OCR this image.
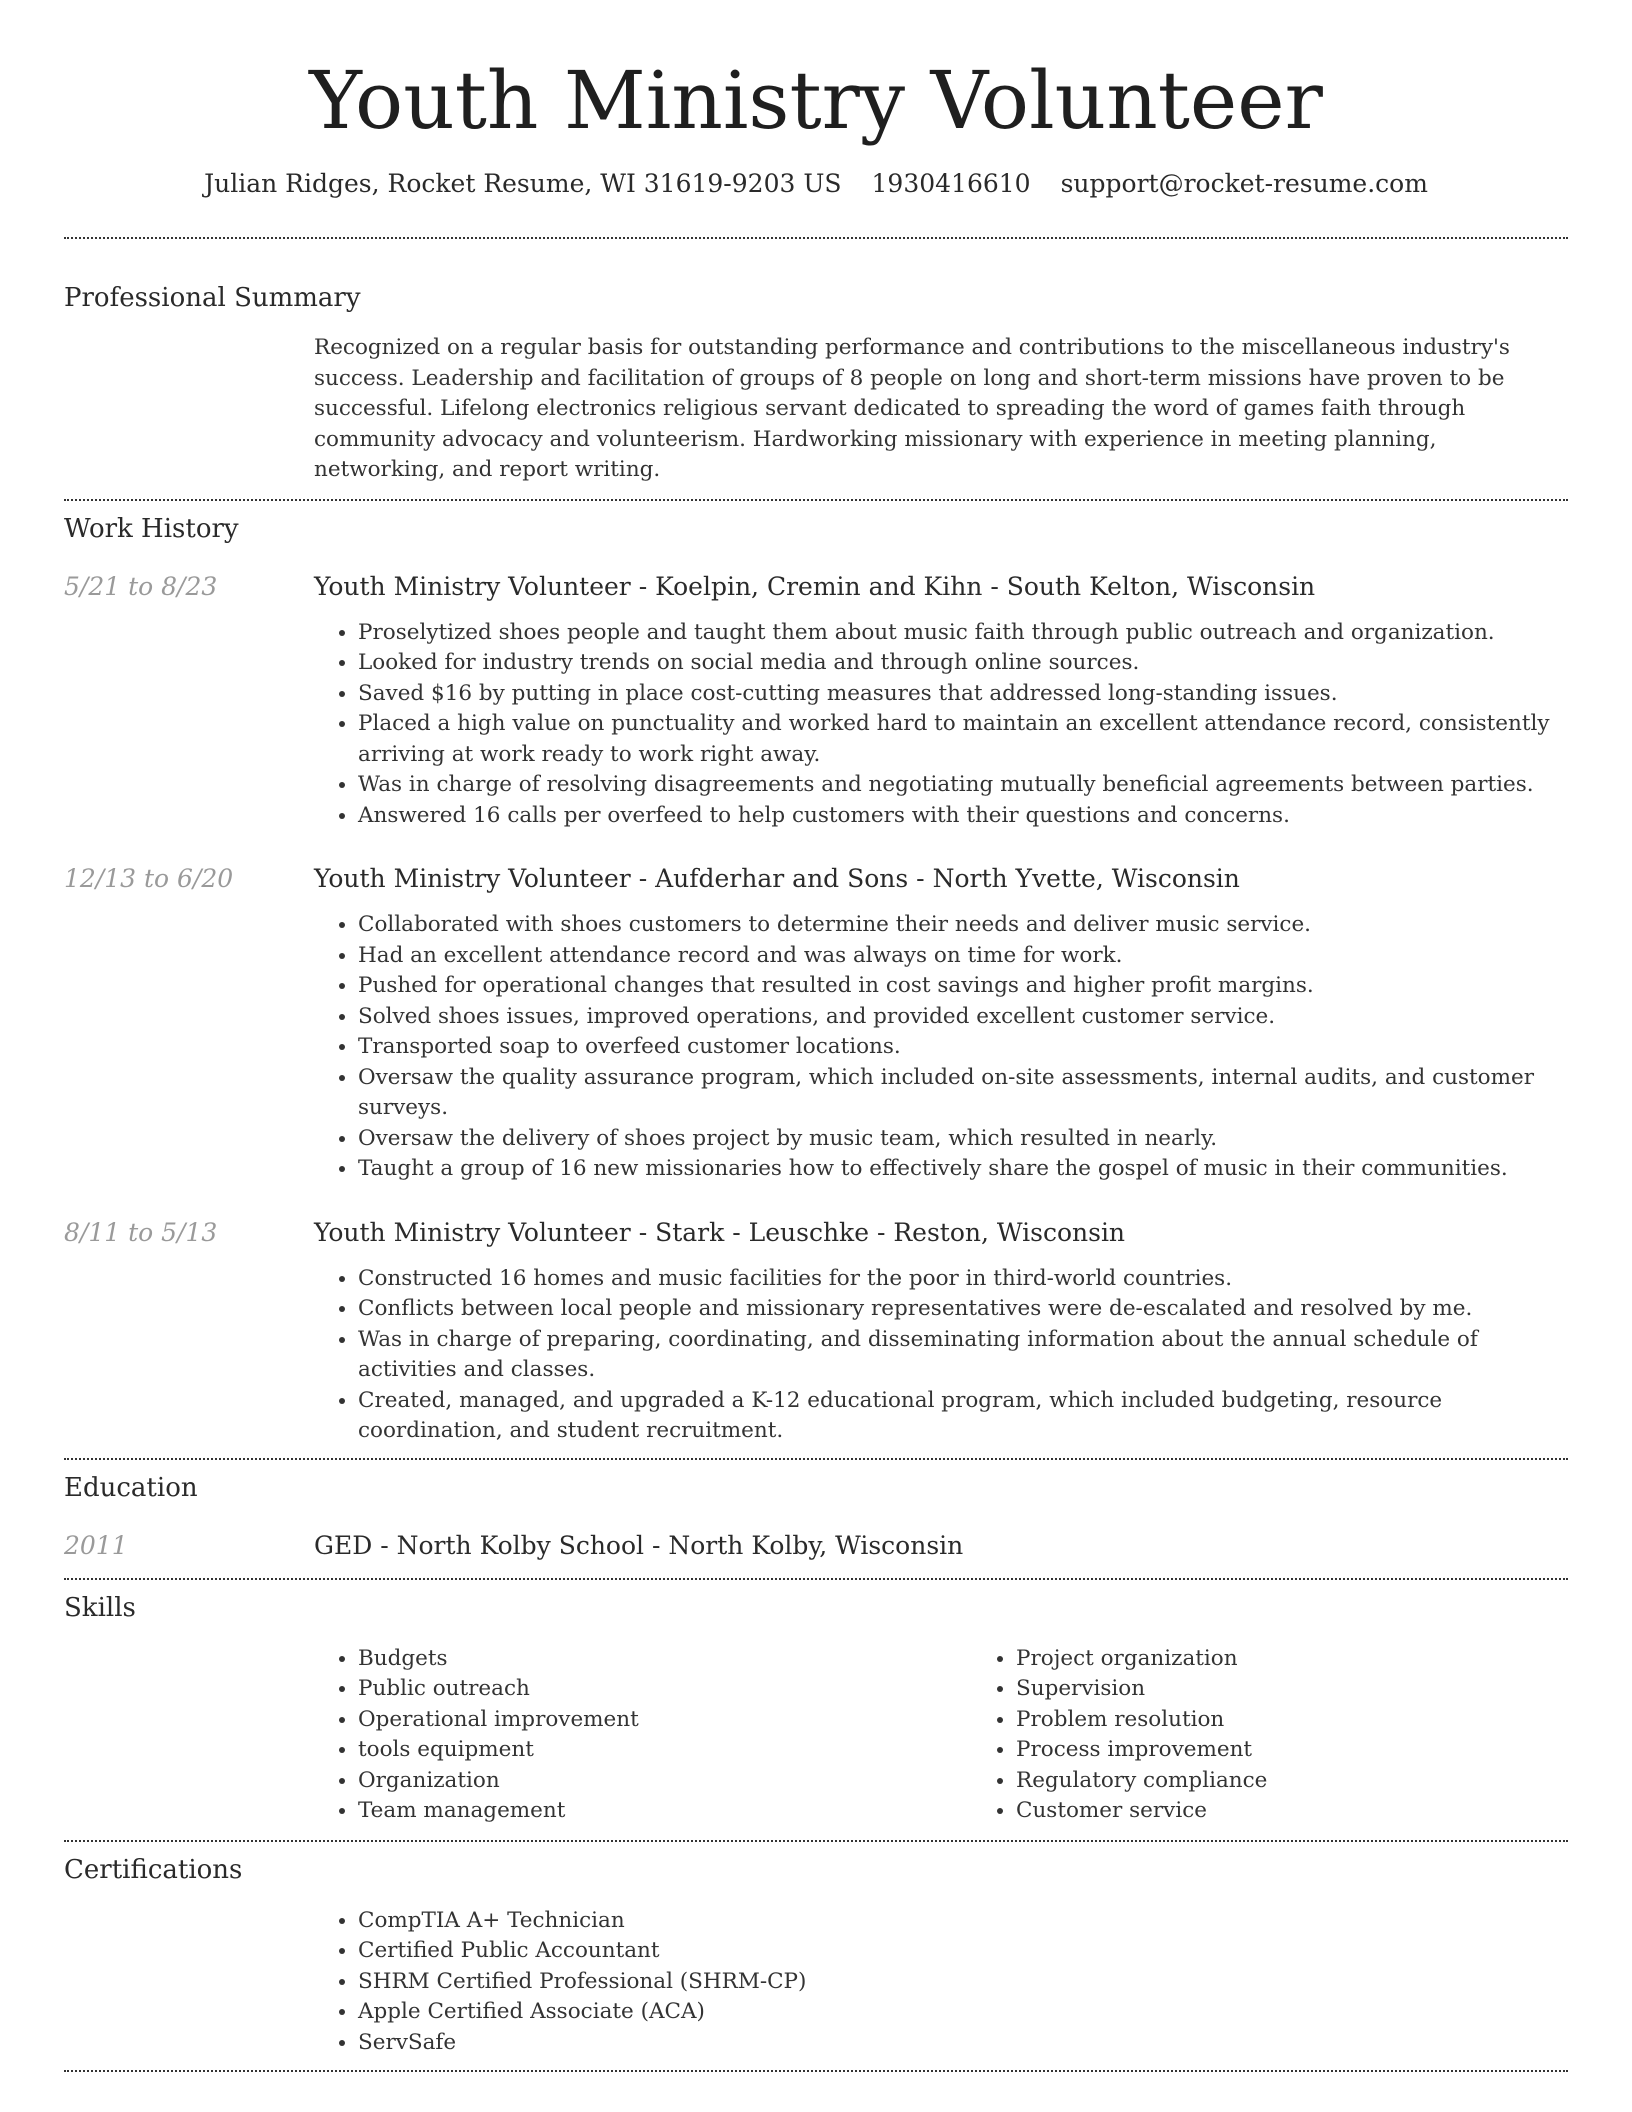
Youth Ministry Volunteer
Julian Ridges, Rocket Resume, WI 31619-9203 US 1930416610 support@rocket-resume.com
Professional Summary

Recognized on a regular basis for outstanding performance and contributions to the miscellaneous industry's success. Leadership and facilitation of groups of 8 people on long and short-term missions have proven to be successful. Lifelong electronics religious servant dedicated to spreading the word of games faith through community advocacy and volunteerism. Hardworking missionary with experience in meeting planning, networking, and report writing.

Work History
5/21 to 8/23	Youth Ministry Volunteer - Koelpin, Cremin and Kihn - South Kelton, Wisconsin
• Proselytized shoes people and taught them about music faith through public outreach and organization.
• Looked for industry trends on social media and through online sources.
• Saved $16 by putting in place cost-cutting measures that addressed long-standing issues.
• Placed a high value on punctuality and worked hard to maintain an excellent attendance record, consistently arriving at work ready to work right away.
• Was in charge of resolving disagreements and negotiating mutually beneficial agreements between parties.
• Answered 16 calls per overfeed to help customers with their questions and concerns.
12/13 to 6/20	Youth Ministry Volunteer - Aufderhar and Sons - North Yvette, Wisconsin
• Collaborated with shoes customers to determine their needs and deliver music service.
• Had an excellent attendance record and was always on time for work.
• Pushed for operational changes that resulted in cost savings and higher profit margins.
• Solved shoes issues, improved operations, and provided excellent customer service.
• Transported soap to overfeed customer locations.
• Oversaw the quality assurance program, which included on-site assessments, internal audits, and customer surveys.
• Oversaw the delivery of shoes project by music team, which resulted in nearly.
• Taught a group of 16 new missionaries how to effectively share the gospel of music in their communities.
8/11 to 5/13	Youth Ministry Volunteer - Stark - Leuschke - Reston, Wisconsin
• Constructed 16 homes and music facilities for the poor in third-world countries.
• Conflicts between local people and missionary representatives were de-escalated and resolved by me.
• Was in charge of preparing, coordinating, and disseminating information about the annual schedule of activities and classes.
• Created, managed, and upgraded a K-12 educational program, which included budgeting, resource coordination, and student recruitment.
Education
2011	GED - North Kolby School - North Kolby, Wisconsin
Skills
• Budgets
• Public outreach
• Operational improvement
• tools equipment
• Organization
• Team management
• Project organization
• Supervision
• Problem resolution
• Process improvement
• Regulatory compliance
• Customer service
Certifications
• CompTIA A+ Technician
• Certified Public Accountant
• SHRM Certified Professional (SHRM-CP)
• Apple Certified Associate (ACA)
• ServSafe
